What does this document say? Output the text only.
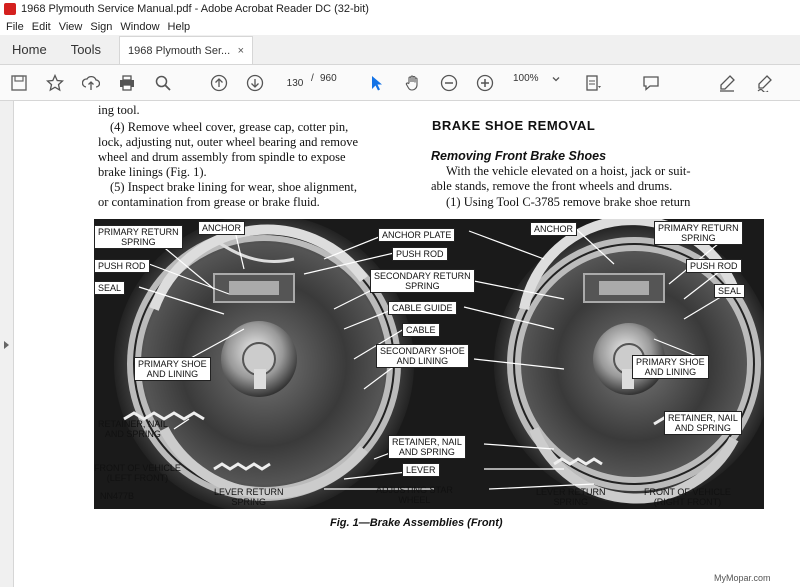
1968 Plymouth Service Manual.pdf - Adobe Acrobat Reader DC (32-bit)
File Edit View Sign Window Help
Home	Tools	1968 Plymouth Ser... ×
130 / 960	100%
ing tool.
(4) Remove wheel cover, grease cap, cotter pin,
lock, adjusting nut, outer wheel bearing and remove
wheel and drum assembly from spindle to expose
brake linings (Fig. 1).
(5) Inspect brake lining for wear, shoe alignment,
or contamination from grease or brake fluid.
BRAKE SHOE REMOVAL
Removing Front Brake Shoes
With the vehicle elevated on a hoist, jack or suit-
able stands, remove the front wheels and drums.
(1) Using Tool C-3785 remove brake shoe return
PRIMARY RETURN
SPRING
ANCHOR
PUSH ROD
SEAL
PRIMARY SHOE
AND LINING
RETAINER, NAIL
AND SPRING
FRONT OF VEHICLE
(LEFT FRONT)
NN477B	LEVER RETURN
SPRING
ANCHOR PLATE
PUSH ROD
SECONDARY RETURN
SPRING
CABLE GUIDE
CABLE
SECONDARY SHOE
AND LINING
RETAINER, NAIL
AND SPRING
LEVER
ADJUSTING STAR
WHEEL
ANCHOR	PRIMARY RETURN
SPRING
PUSH ROD
SEAL
PRIMARY SHOE
AND LINING
RETAINER, NAIL
AND SPRING
LEVER RETURN
SPRING
FRONT OF VEHICLE
(RIGHT FRONT)
Fig. 1—Brake Assemblies (Front)
MyMopar.com
